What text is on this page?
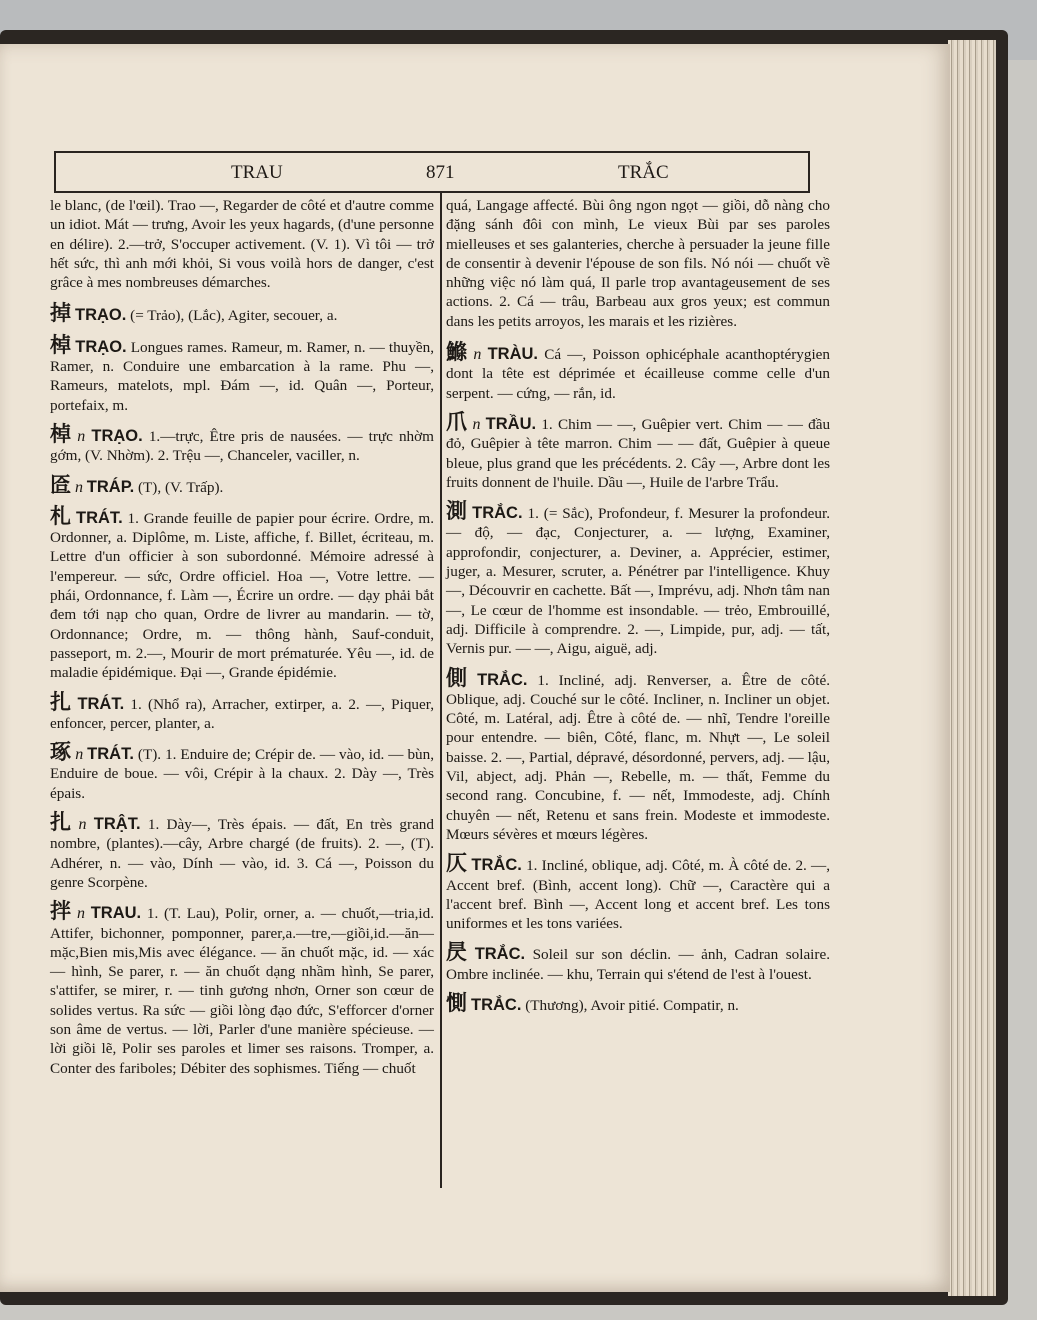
TRAU	871	TRẮC
le blanc, (de l'œil). Trao —, Regarder de côté et d'autre comme un idiot. Mát — trưng, Avoir les yeux hagards, (d'une personne en délire). 2.—trở, S'occuper activement. (V. 1). Vì tôi — trở hết sức, thì anh mới khỏi, Si vous voilà hors de danger, c'est grâce à mes nombreuses démarches.
掉 TRẠO. (= Trảo), (Lắc), Agiter, secouer, a.
棹 TRẠO. Longues rames. Rameur, m. Ramer, n. — thuyền, Ramer, n. Conduire une embarcation à la rame. Phu —, Rameurs, matelots, mpl. Đám —, id. Quân —, Porteur, portefaix, m.
棹 n TRẠO. 1.—trực, Être pris de nausées. — trực nhờm gớm, (V. Nhờm). 2. Trệu —, Chanceler, vaciller, n.
匼 n TRÁP. (T), (V. Trấp).
札 TRÁT. 1. Grande feuille de papier pour écrire. Ordre, m. Ordonner, a. Diplôme, m. Liste, affiche, f. Billet, écriteau, m. Lettre d'un officier à son subordonné. Mémoire adressé à l'empereur. — sức, Ordre officiel. Hoa —, Votre lettre. — phái, Ordonnance, f. Làm —, Écrire un ordre. — dạy phải bắt đem tới nạp cho quan, Ordre de livrer au mandarin. — tờ, Ordonnance; Ordre, m. — thông hành, Sauf-conduit, passeport, m. 2.—, Mourir de mort prématurée. Yêu —, id. de maladie épidémique. Đại —, Grande épidémie.
扎 TRÁT. 1. (Nhổ ra), Arracher, extirper, a. 2. —, Piquer, enfoncer, percer, planter, a.
琢 n TRÁT. (T). 1. Enduire de; Crépir de. — vào, id. — bùn, Enduire de boue. — vôi, Crépir à la chaux. 2. Dày —, Très épais.
扎 n TRẬT. 1. Dày—, Très épais. — đất, En très grand nombre, (plantes).—cây, Arbre chargé (de fruits). 2. —, (T). Adhérer, n. — vào, Dính — vào, id. 3. Cá —, Poisson du genre Scorpène.
拌 n TRAU. 1. (T. Lau), Polir, orner, a. — chuốt,—tria,id. Attifer, bichonner, pomponner, parer,a.—tre,—giồi,id.—ăn—mặc,Bien mis,Mis avec élégance. — ăn chuốt mặc, id. — xác — hình, Se parer, r. — ăn chuốt dạng nhầm hình, Se parer, s'attifer, se mirer, r. — tinh gương nhơn, Orner son cœur de solides vertus. Ra sức — giồi lòng đạo đức, S'efforcer d'orner son âme de vertus. — lời, Parler d'une manière spécieuse. — lời giồi lẽ, Polir ses paroles et limer ses raisons. Tromper, a. Conter des fariboles; Débiter des sophismes. Tiếng — chuốt
quá, Langage affecté. Bùi ông ngon ngọt — giồi, dỗ nàng cho đặng sánh đôi con mình, Le vieux Bùi par ses paroles mielleuses et ses galanteries, cherche à persuader la jeune fille de consentir à devenir l'épouse de son fils. Nó nói — chuốt về những việc nó làm quá, Il parle trop avantageusement de ses actions. 2. Cá — trâu, Barbeau aux gros yeux; est commun dans les petits arroyos, les marais et les rizières.
鰷 n TRÀU. Cá —, Poisson ophicéphale acanthoptérygien dont la tête est déprimée et écailleuse comme celle d'un serpent. — cứng, — rắn, id.
爪 n TRẦU. 1. Chim — —, Guêpier vert. Chim — — đầu đỏ, Guêpier à tête marron. Chim — — đất, Guêpier à queue bleue, plus grand que les précédents. 2. Cây —, Arbre dont les fruits donnent de l'huile. Dầu —, Huile de l'arbre Trẩu.
測 TRẮC. 1. (= Sắc), Profondeur, f. Mesurer la profondeur. — độ, — đạc, Conjecturer, a. — lượng, Examiner, approfondir, conjecturer, a. Deviner, a. Apprécier, estimer, juger, a. Mesurer, scruter, a. Pénétrer par l'intelligence. Khuy —, Découvrir en cachette. Bất —, Imprévu, adj. Nhơn tâm nan —, Le cœur de l'homme est insondable. — trẻo, Embrouillé, adj. Difficile à comprendre. 2. —, Limpide, pur, adj. — tất, Vernis pur. — —, Aigu, aiguë, adj.
側 TRẮC. 1. Incliné, adj. Renverser, a. Être de côté. Oblique, adj. Couché sur le côté. Incliner, n. Incliner un objet. Côté, m. Latéral, adj. Être à côté de. — nhĩ, Tendre l'oreille pour entendre. — biên, Côté, flanc, m. Nhựt —, Le soleil baisse. 2. —, Partial, dépravé, désordonné, pervers, adj. — lậu, Vil, abject, adj. Phản —, Rebelle, m. — thất, Femme du second rang. Concubine, f. — nết, Immodeste, adj. Chính chuyên — nết, Retenu et sans frein. Modeste et immodeste. Mœurs sévères et mœurs légères.
仄 TRẮC. 1. Incliné, oblique, adj. Côté, m. À côté de. 2. —, Accent bref. (Bình, accent long). Chữ —, Caractère qui a l'accent bref. Bình —, Accent long et accent bref. Les tons uniformes et les tons variées.
昃 TRẮC. Soleil sur son déclin. — ảnh, Cadran solaire. Ombre inclinée. — khu, Terrain qui s'étend de l'est à l'ouest.
惻 TRẮC. (Thương), Avoir pitié. Compatir, n.
